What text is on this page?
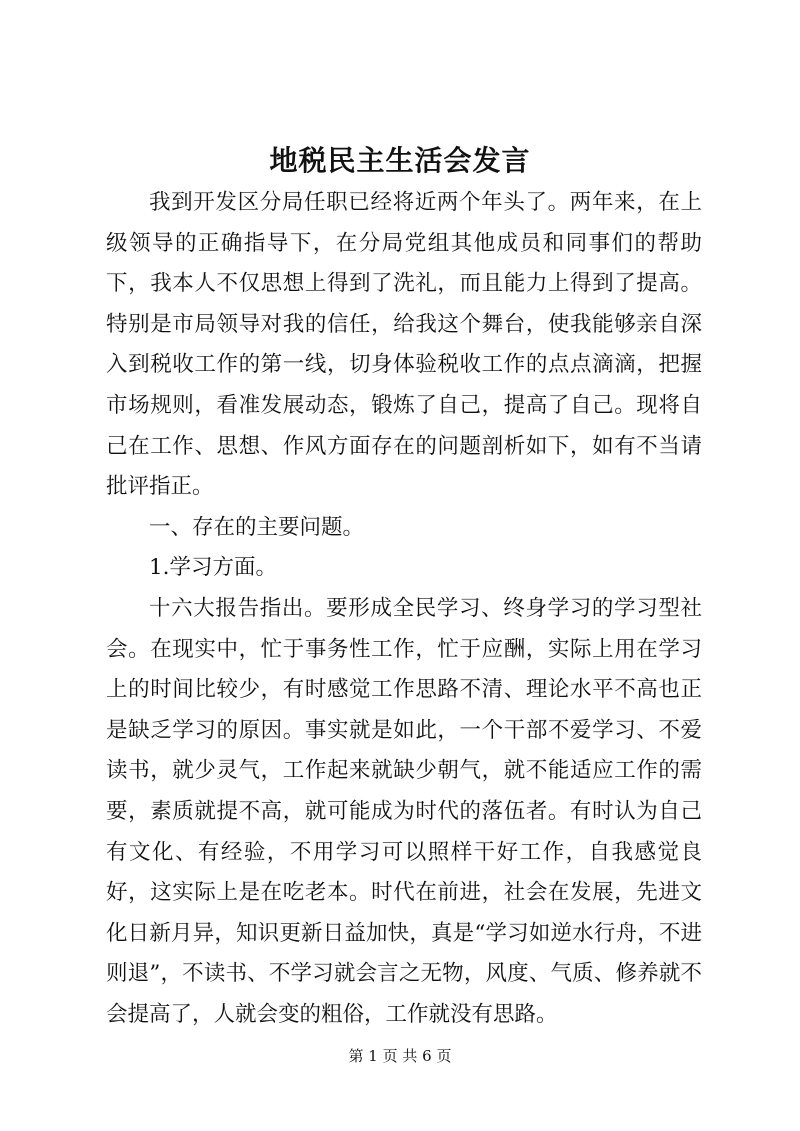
地税民主生活会发言

我到开发区分局任职已经将近两个年头了。两年来，在上级领导的正确指导下，在分局党组其他成员和同事们的帮助下，我本人不仅思想上得到了洗礼，而且能力上得到了提高。特别是市局领导对我的信任，给我这个舞台，使我能够亲自深入到税收工作的第一线，切身体验税收工作的点点滴滴，把握市场规则，看准发展动态，锻炼了自己，提高了自己。现将自己在工作、思想、作风方面存在的问题剖析如下，如有不当请批评指正。

一、存在的主要问题。

1.学习方面。

十六大报告指出。要形成全民学习、终身学习的学习型社会。在现实中，忙于事务性工作，忙于应酬，实际上用在学习上的时间比较少，有时感觉工作思路不清、理论水平不高也正是缺乏学习的原因。事实就是如此，一个干部不爱学习、不爱读书，就少灵气，工作起来就缺少朝气，就不能适应工作的需要，素质就提不高，就可能成为时代的落伍者。有时认为自己有文化、有经验，不用学习可以照样干好工作，自我感觉良好，这实际上是在吃老本。时代在前进，社会在发展，先进文化日新月异，知识更新日益加快，真是“学习如逆水行舟，不进则退”，不读书、不学习就会言之无物，风度、气质、修养就不会提高了，人就会变的粗俗，工作就没有思路。

第 1 页 共 6 页
